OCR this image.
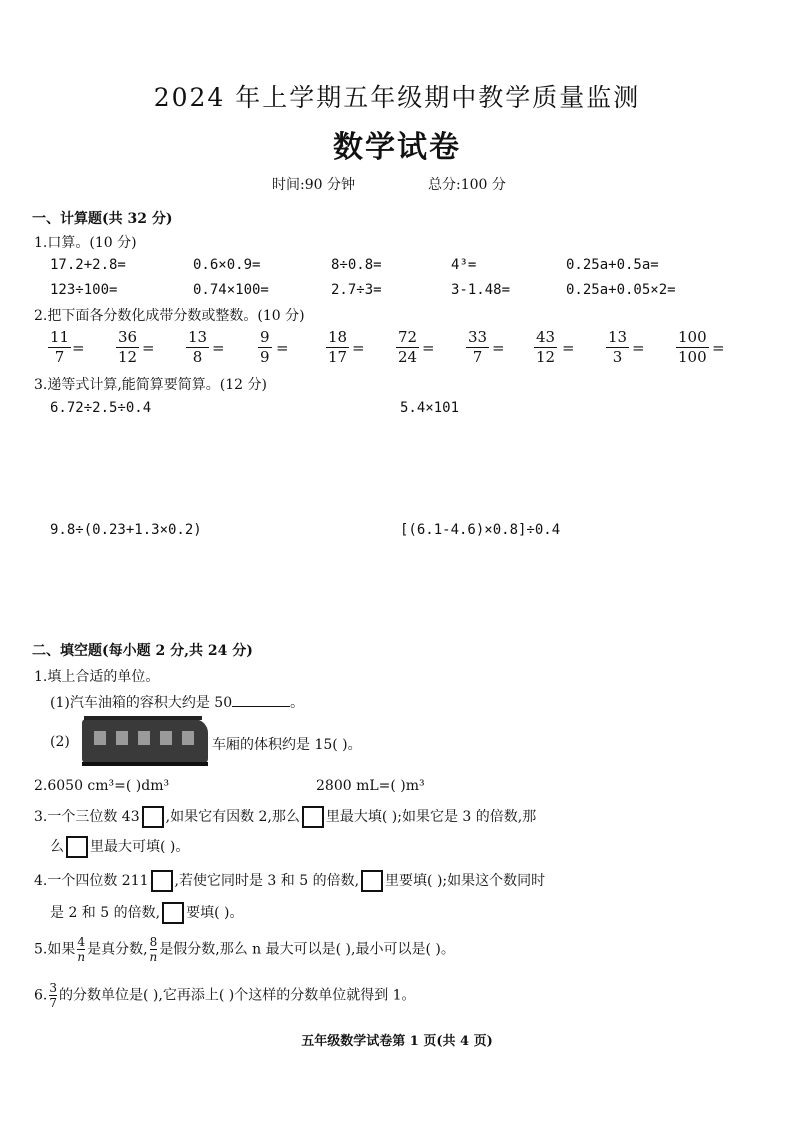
2024 年上学期五年级期中教学质量监测
数学试卷
时间:90 分钟	总分:100 分
一、计算题(共 32 分)
1.口算。(10 分)
17.2+2.8=	0.6×0.9=	8÷0.8=	4³=	0.25a+0.5a=
123÷100=	0.74×100=	2.7÷3=	3-1.48=	0.25a+0.05×2=
2.把下面各分数化成带分数或整数。(10 分)
11
7 =
36
12 =
13
8 =
9
9 =
18
17 =
72
24 =
33
7 =
43
12 =
13
3 =
100
100 =
3.递等式计算,能简算要简算。(12 分)
6.72÷2.5÷0.4	5.4×101
9.8÷(0.23+1.3×0.2)	[(6.1-4.6)×0.8]÷0.4
二、填空题(每小题 2 分,共 24 分)
1.填上合适的单位。
(1)汽车油箱的容积大约是 50	。
(2)	车厢的体积约是 15( )。
2.6050 cm³=( )dm³	2800 mL=( )m³
3.一个三位数 43 ,如果它有因数 2,那么 里最大填( );如果它是 3 的倍数,那
么 里最大可填( )。
4.一个四位数 211 ,若使它同时是 3 和 5 的倍数, 里要填( );如果这个数同时
是 2 和 5 的倍数, 要填( )。
5.如果 $\frac{4}{n}$ 是真分数, $\frac{8}{n}$ 是假分数,那么 n 最大可以是( ),最小可以是( )。
6. $\frac{3}{7}$ 的分数单位是( ),它再添上( )个这样的分数单位就得到 1。
五年级数学试卷第 1 页(共 4 页)
